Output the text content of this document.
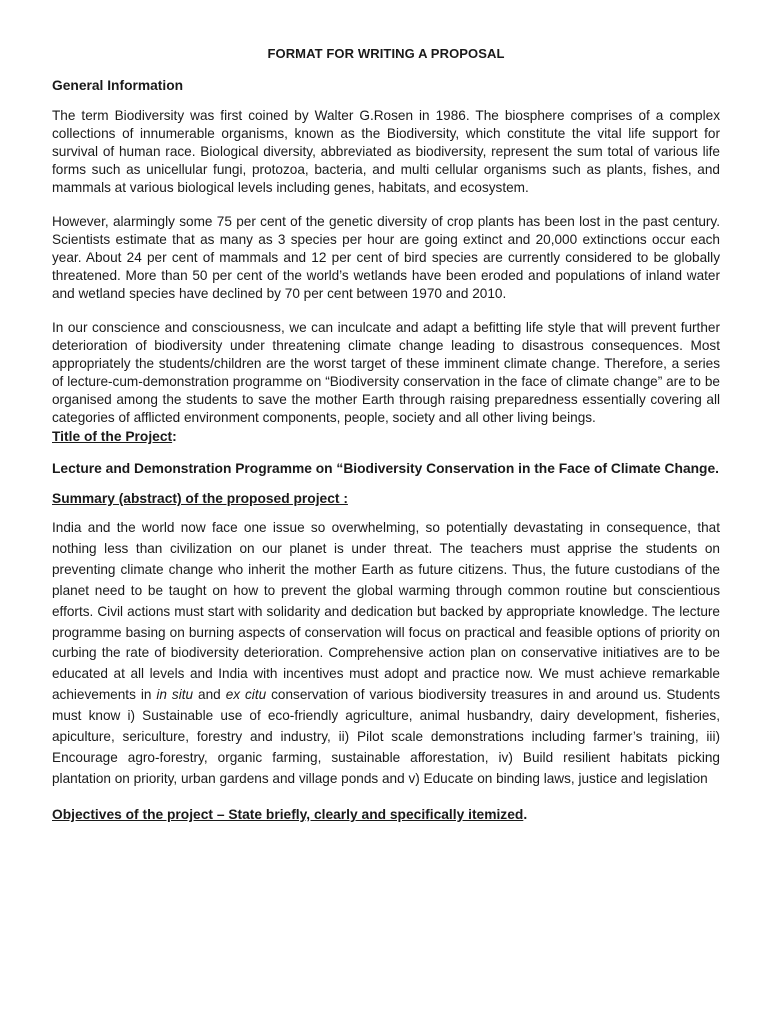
FORMAT FOR WRITING A PROPOSAL
General Information

The term Biodiversity was first coined by Walter G.Rosen in 1986. The biosphere comprises of a complex collections of innumerable organisms, known as the Biodiversity, which constitute the vital life support for survival of human race. Biological diversity, abbreviated as biodiversity, represent the sum total of various life forms such as unicellular fungi, protozoa, bacteria, and multi cellular organisms such as plants, fishes, and mammals at various biological levels including genes, habitats, and ecosystem.

However, alarmingly some 75 per cent of the genetic diversity of crop plants has been lost in the past century. Scientists estimate that as many as 3 species per hour are going extinct and 20,000 extinctions occur each year. About 24 per cent of mammals and 12 per cent of bird species are currently considered to be globally threatened. More than 50 per cent of the world’s wetlands have been eroded and populations of inland water and wetland species have declined by 70 per cent between 1970 and 2010.

In our conscience and consciousness, we can inculcate and adapt a befitting life style that will prevent further deterioration of biodiversity under threatening climate change leading to disastrous consequences. Most appropriately the students/children are the worst target of these imminent climate change. Therefore, a series of lecture-cum-demonstration programme on “Biodiversity conservation in the face of climate change” are to be organised among the students to save the mother Earth through raising preparedness essentially covering all categories of afflicted environment components, people, society and all other living beings.

Title of the Project:
Lecture and Demonstration Programme on “Biodiversity Conservation in the Face of Climate Change.
Summary (abstract) of the proposed project :

India and the world now face one issue so overwhelming, so potentially devastating in consequence, that nothing less than civilization on our planet is under threat. The teachers must apprise the students on preventing climate change who inherit the mother Earth as future citizens. Thus, the future custodians of the planet need to be taught on how to prevent the global warming through common routine but conscientious efforts. Civil actions must start with solidarity and dedication but backed by appropriate knowledge. The lecture programme basing on burning aspects of conservation will focus on practical and feasible options of priority on curbing the rate of biodiversity deterioration. Comprehensive action plan on conservative initiatives are to be educated at all levels and India with incentives must adopt and practice now. We must achieve remarkable achievements in in situ and ex citu conservation of various biodiversity treasures in and around us. Students must know i) Sustainable use of eco-friendly agriculture, animal husbandry, dairy development, fisheries, apiculture, sericulture, forestry and industry, ii) Pilot scale demonstrations including farmer’s training, iii) Encourage agro-forestry, organic farming, sustainable afforestation, iv) Build resilient habitats picking plantation on priority, urban gardens and village ponds and v) Educate on binding laws, justice and legislation

Objectives of the project – State briefly, clearly and specifically itemized.
